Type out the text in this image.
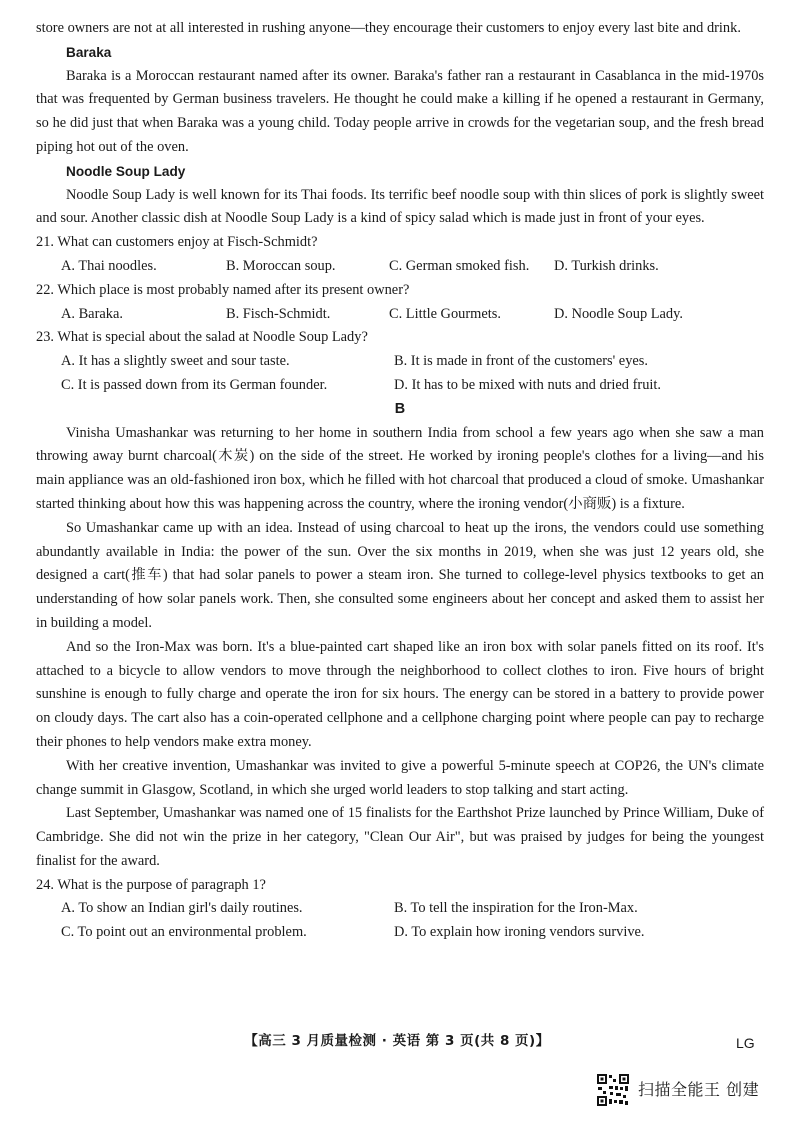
store owners are not at all interested in rushing anyone—they encourage their customers to enjoy every last bite and drink.

Baraka

Baraka is a Moroccan restaurant named after its owner. Baraka's father ran a restaurant in Casablanca in the mid-1970s that was frequented by German business travelers. He thought he could make a killing if he opened a restaurant in Germany, so he did just that when Baraka was a young child. Today people arrive in crowds for the vegetarian soup, and the fresh bread piping hot out of the oven.

Noodle Soup Lady

Noodle Soup Lady is well known for its Thai foods. Its terrific beef noodle soup with thin slices of pork is slightly sweet and sour. Another classic dish at Noodle Soup Lady is a kind of spicy salad which is made just in front of your eyes.

21. What can customers enjoy at Fisch-Schmidt?

A. Thai noodles.	B. Moroccan soup.	C. German smoked fish.	D. Turkish drinks.

22. Which place is most probably named after its present owner?

A. Baraka.	B. Fisch-Schmidt.	C. Little Gourmets.	D. Noodle Soup Lady.

23. What is special about the salad at Noodle Soup Lady?

A. It has a slightly sweet and sour taste.	B. It is made in front of the customers' eyes.
C. It is passed down from its German founder.	D. It has to be mixed with nuts and dried fruit.
B

Vinisha Umashankar was returning to her home in southern India from school a few years ago when she saw a man throwing away burnt charcoal(木炭) on the side of the street. He worked by ironing people's clothes for a living—and his main appliance was an old-fashioned iron box, which he filled with hot charcoal that produced a cloud of smoke. Umashankar started thinking about how this was happening across the country, where the ironing vendor(小商贩) is a fixture.

So Umashankar came up with an idea. Instead of using charcoal to heat up the irons, the vendors could use something abundantly available in India: the power of the sun. Over the six months in 2019, when she was just 12 years old, she designed a cart(推车) that had solar panels to power a steam iron. She turned to college-level physics textbooks to get an understanding of how solar panels work. Then, she consulted some engineers about her concept and asked them to assist her in building a model.

And so the Iron-Max was born. It's a blue-painted cart shaped like an iron box with solar panels fitted on its roof. It's attached to a bicycle to allow vendors to move through the neighborhood to collect clothes to iron. Five hours of bright sunshine is enough to fully charge and operate the iron for six hours. The energy can be stored in a battery to provide power on cloudy days. The cart also has a coin-operated cellphone and a cellphone charging point where people can pay to recharge their phones to help vendors make extra money.

With her creative invention, Umashankar was invited to give a powerful 5-minute speech at COP26, the UN's climate change summit in Glasgow, Scotland, in which she urged world leaders to stop talking and start acting.

Last September, Umashankar was named one of 15 finalists for the Earthshot Prize launched by Prince William, Duke of Cambridge. She did not win the prize in her category, "Clean Our Air", but was praised by judges for being the youngest finalist for the award.

24. What is the purpose of paragraph 1?

A. To show an Indian girl's daily routines.	B. To tell the inspiration for the Iron-Max.
C. To point out an environmental problem.	D. To explain how ironing vendors survive.
【高三 3 月质量检测 · 英语 第 3 页(共 8 页)】	LG
扫描全能王 创建
